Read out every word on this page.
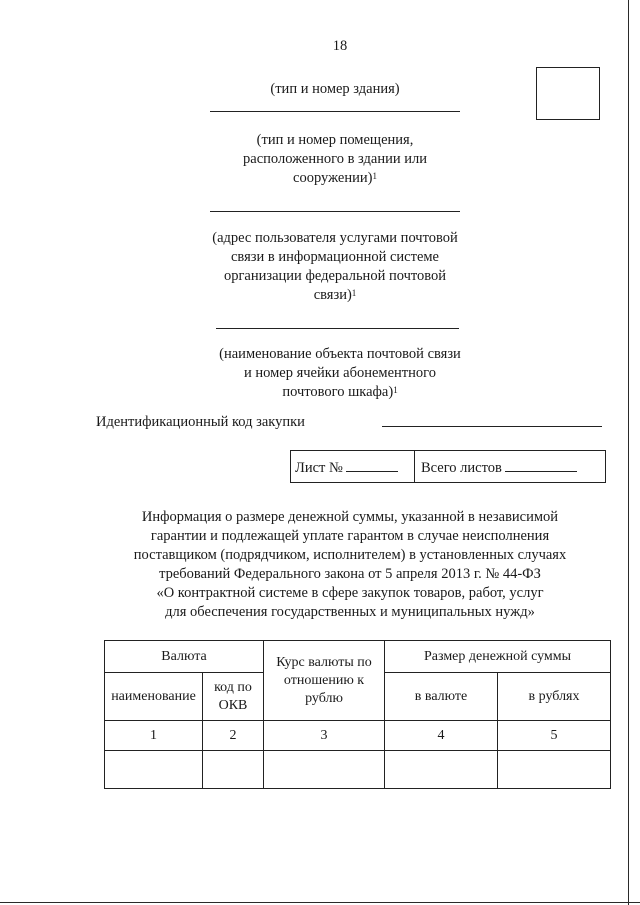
18
(тип и номер здания)
(тип и номер помещения,
расположенного в здании или
сооружении)$^1$
(адрес пользователя услугами почтовой
связи в информационной системе
организации федеральной почтовой
связи)$^1$
(наименование объекта почтовой связи
и номер ячейки абонементного
почтового шкафа)$^1$
Идентификационный код закупки
Лист №	Всего листов
Информация о размере денежной суммы, указанной в независимой
гарантии и подлежащей уплате гарантом в случае неисполнения
поставщиком (подрядчиком, исполнителем) в установленных случаях
требований Федерального закона от 5 апреля 2013 г. № 44-ФЗ
«О контрактной системе в сфере закупок товаров, работ, услуг
для обеспечения государственных и муниципальных нужд»
Валюта		Курс валюты по отношению к рублю	Размер денежной суммы	
наименование	код по ОКВ		в валюте	в рублях
1	2	3	4	5
